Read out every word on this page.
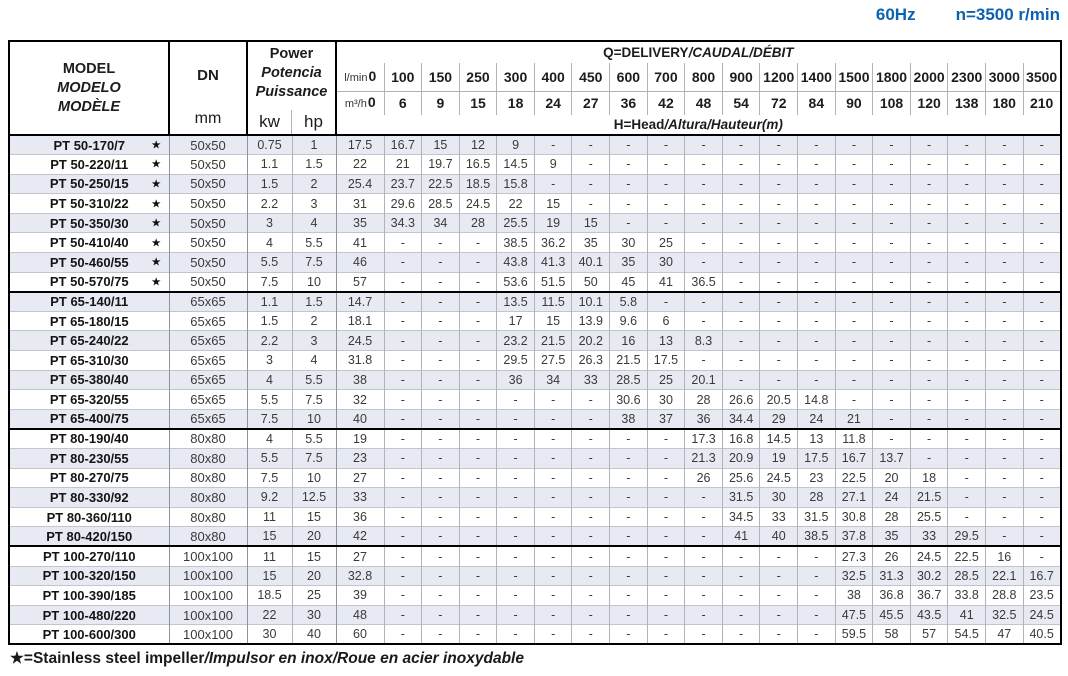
60Hz n=3500 r/min
MODEL
MODELO
MODÈLE

DN
mm

Power
Potencia
Puissance
kw	hp
	Q=DELIVERY/CAUDAL/DÉBIT
				l/min0	100	150	250	300	400	450	600	700	800	900	1200	1400	1500	1800	2000	2300	3000	3500
				m³/h0	6	9	15	18	24	27	36	42	48	54	72	84	90	108	120	138	180	210
				H=Head/Altura/Hauteur(m)																		
PT 50-170/7 ★	50x50	0.75	1	17.5	16.7	15	12	9	-	-	-	-	-	-	-	-	-	-	-	-	-	-
PT 50-220/11 ★	50x50	1.1	1.5	22	21	19.7	16.5	14.5	9	-	-	-	-	-	-	-	-	-	-	-	-	-
PT 50-250/15 ★	50x50	1.5	2	25.4	23.7	22.5	18.5	15.8	-	-	-	-	-	-	-	-	-	-	-	-	-	-
PT 50-310/22 ★	50x50	2.2	3	31	29.6	28.5	24.5	22	15	-	-	-	-	-	-	-	-	-	-	-	-	-
PT 50-350/30 ★	50x50	3	4	35	34.3	34	28	25.5	19	15	-	-	-	-	-	-	-	-	-	-	-	-
PT 50-410/40 ★	50x50	4	5.5	41	-	-	-	38.5	36.2	35	30	25	-	-	-	-	-	-	-	-	-	-
PT 50-460/55 ★	50x50	5.5	7.5	46	-	-	-	43.8	41.3	40.1	35	30	-	-	-	-	-	-	-	-	-	-
PT 50-570/75 ★	50x50	7.5	10	57	-	-	-	53.6	51.5	50	45	41	36.5	-	-	-	-	-	-	-	-	-
PT 65-140/11	65x65	1.1	1.5	14.7	-	-	-	13.5	11.5	10.1	5.8	-	-	-	-	-	-	-	-	-	-	-
PT 65-180/15	65x65	1.5	2	18.1	-	-	-	17	15	13.9	9.6	6	-	-	-	-	-	-	-	-	-	-
PT 65-240/22	65x65	2.2	3	24.5	-	-	-	23.2	21.5	20.2	16	13	8.3	-	-	-	-	-	-	-	-	-
PT 65-310/30	65x65	3	4	31.8	-	-	-	29.5	27.5	26.3	21.5	17.5	-	-	-	-	-	-	-	-	-	-
PT 65-380/40	65x65	4	5.5	38	-	-	-	36	34	33	28.5	25	20.1	-	-	-	-	-	-	-	-	-
PT 65-320/55	65x65	5.5	7.5	32	-	-	-	-	-	-	30.6	30	28	26.6	20.5	14.8	-	-	-	-	-	-
PT 65-400/75	65x65	7.5	10	40	-	-	-	-	-	-	38	37	36	34.4	29	24	21	-	-	-	-	-
PT 80-190/40	80x80	4	5.5	19	-	-	-	-	-	-	-	-	17.3	16.8	14.5	13	11.8	-	-	-	-	-
PT 80-230/55	80x80	5.5	7.5	23	-	-	-	-	-	-	-	-	21.3	20.9	19	17.5	16.7	13.7	-	-	-	-
PT 80-270/75	80x80	7.5	10	27	-	-	-	-	-	-	-	-	26	25.6	24.5	23	22.5	20	18	-	-	-
PT 80-330/92	80x80	9.2	12.5	33	-	-	-	-	-	-	-	-	-	31.5	30	28	27.1	24	21.5	-	-	-
PT 80-360/110	80x80	11	15	36	-	-	-	-	-	-	-	-	-	34.5	33	31.5	30.8	28	25.5	-	-	-
PT 80-420/150	80x80	15	20	42	-	-	-	-	-	-	-	-	-	41	40	38.5	37.8	35	33	29.5	-	-
PT 100-270/110	100x100	11	15	27	-	-	-	-	-	-	-	-	-	-	-	-	27.3	26	24.5	22.5	16	-
PT 100-320/150	100x100	15	20	32.8	-	-	-	-	-	-	-	-	-	-	-	-	32.5	31.3	30.2	28.5	22.1	16.7
PT 100-390/185	100x100	18.5	25	39	-	-	-	-	-	-	-	-	-	-	-	-	38	36.8	36.7	33.8	28.8	23.5
PT 100-480/220	100x100	22	30	48	-	-	-	-	-	-	-	-	-	-	-	-	47.5	45.5	43.5	41	32.5	24.5
PT 100-600/300	100x100	30	40	60	-	-	-	-	-	-	-	-	-	-	-	-	59.5	58	57	54.5	47	40.5
★=Stainless steel impeller/Impulsor en inox/Roue en acier inoxydable
